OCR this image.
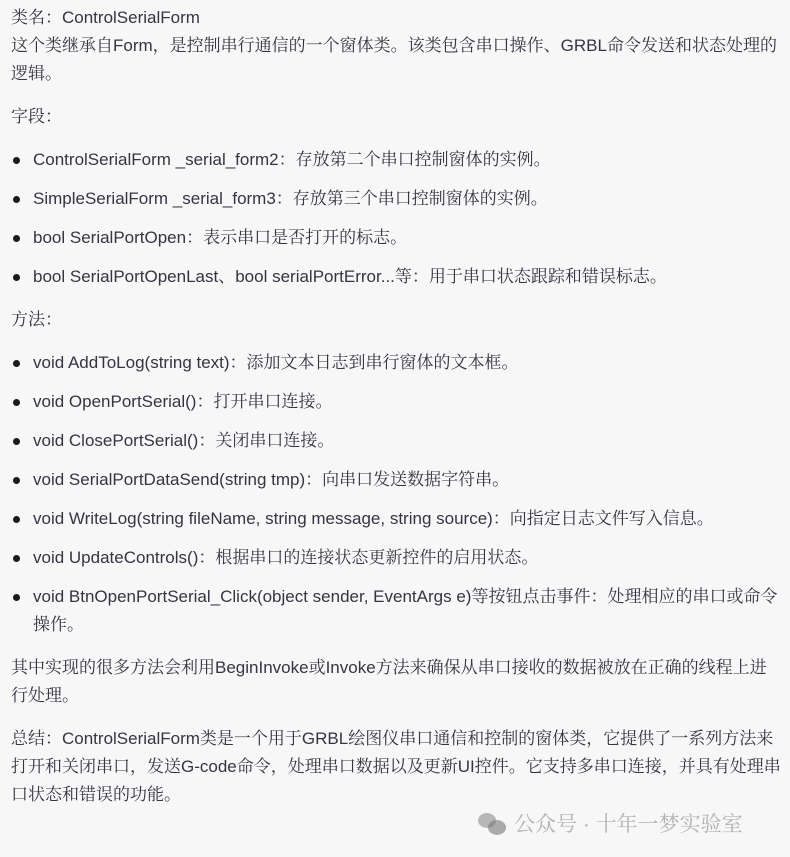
类名：ControlSerialForm

这个类继承自Form，是控制串行通信的一个窗体类。该类包含串口操作、GRBL命令发送和状态处理的逻辑。

字段：

ControlSerialForm _serial_form2：存放第二个串口控制窗体的实例。
SimpleSerialForm _serial_form3：存放第三个串口控制窗体的实例。
bool SerialPortOpen：表示串口是否打开的标志。
bool SerialPortOpenLast、bool serialPortError...等：用于串口状态跟踪和错误标志。

方法：

void AddToLog(string text)：添加文本日志到串行窗体的文本框。
void OpenPortSerial()：打开串口连接。
void ClosePortSerial()：关闭串口连接。
void SerialPortDataSend(string tmp)：向串口发送数据字符串。
void WriteLog(string fileName, string message, string source)：向指定日志文件写入信息。
void UpdateControls()：根据串口的连接状态更新控件的启用状态。
void BtnOpenPortSerial_Click(object sender, EventArgs e)等按钮点击事件：处理相应的串口或命令操作。

其中实现的很多方法会利用BeginInvoke或Invoke方法来确保从串口接收的数据被放在正确的线程上进行处理。

总结：ControlSerialForm类是一个用于GRBL绘图仪串口通信和控制的窗体类，它提供了一系列方法来打开和关闭串口，发送G-code命令，处理串口数据以及更新UI控件。它支持多串口连接，并具有处理串口状态和错误的功能。

公众号 · 十年一梦实验室
